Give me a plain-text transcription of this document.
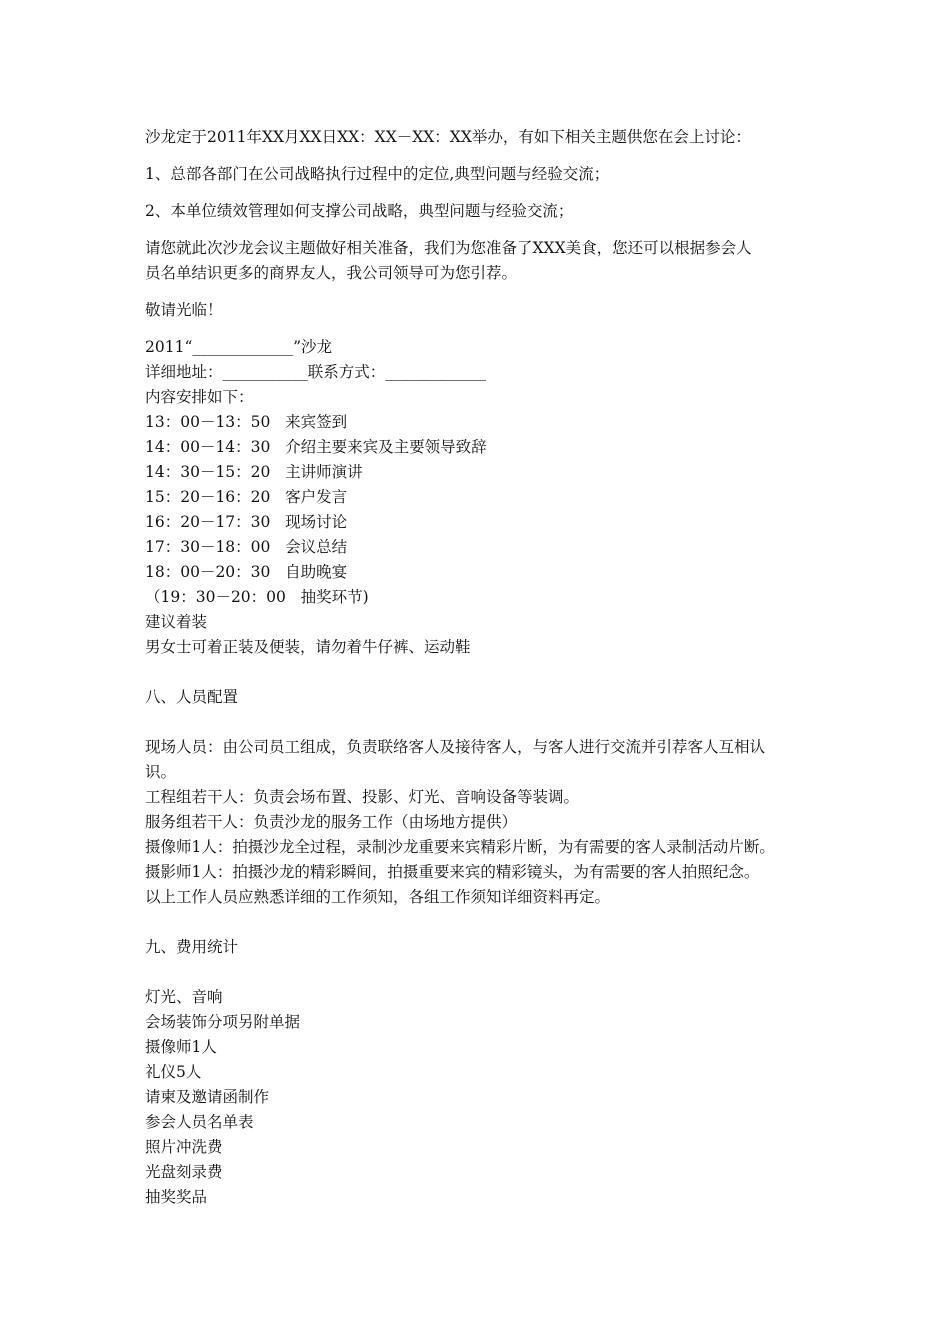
沙龙定于2011年XX月XX日XX：XX－XX：XX举办，有如下相关主题供您在会上讨论：

1、总部各部门在公司战略执行过程中的定位,典型问题与经验交流；

2、本单位绩效管理如何支撑公司战略，典型问题与经验交流；

请您就此次沙龙会议主题做好相关准备，我们为您准备了XXX美食，您还可以根据参会人

员名单结识更多的商界友人，我公司领导可为您引荐。

敬请光临！

2011“_____________”沙龙

详细地址：___________联系方式：_____________

内容安排如下：

13：00－13：50   来宾签到

14：00－14：30   介绍主要来宾及主要领导致辞

14：30－15：20   主讲师演讲

15：20－16：20   客户发言

16：20－17：30   现场讨论

17：30－18：00   会议总结

18：00－20：30   自助晚宴

（19：30－20：00   抽奖环节)

建议着装

男女士可着正装及便装，请勿着牛仔裤、运动鞋

八、人员配置

现场人员：由公司员工组成，负责联络客人及接待客人，与客人进行交流并引荐客人互相认

识。

工程组若干人：负责会场布置、投影、灯光、音响设备等装调。

服务组若干人：负责沙龙的服务工作（由场地方提供）

摄像师1人：拍摄沙龙全过程，录制沙龙重要来宾精彩片断，为有需要的客人录制活动片断。

摄影师1人：拍摄沙龙的精彩瞬间，拍摄重要来宾的精彩镜头，为有需要的客人拍照纪念。

以上工作人员应熟悉详细的工作须知，各组工作须知详细资料再定。

九、费用统计

灯光、音响

会场装饰分项另附单据

摄像师1人

礼仪5人

请柬及邀请函制作

参会人员名单表

照片冲洗费

光盘刻录费

抽奖奖品
